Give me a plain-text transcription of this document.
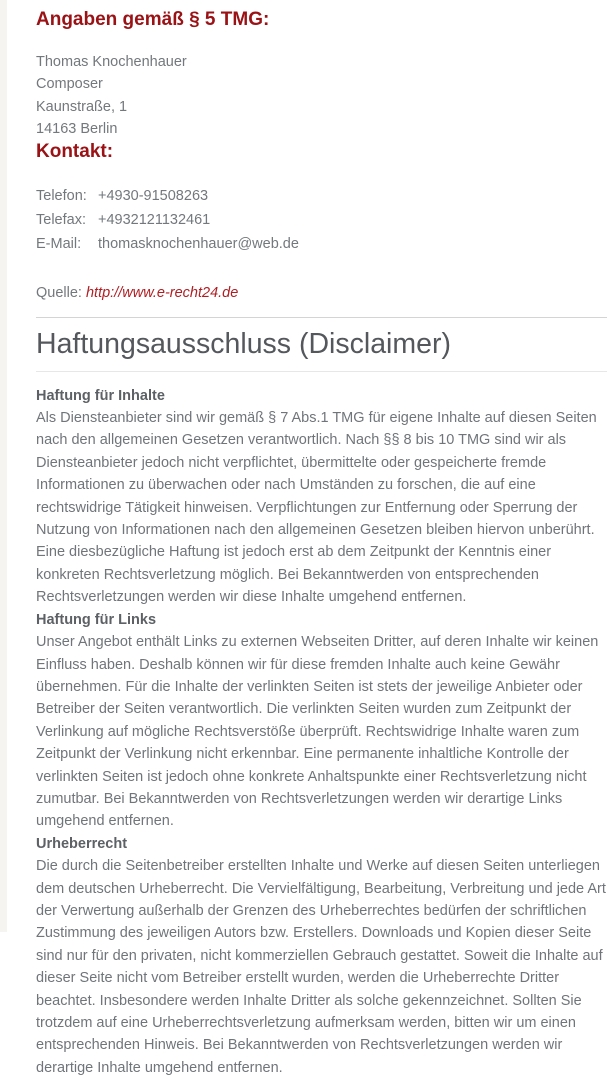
Angaben gemäß § 5 TMG:
Thomas Knochenhauer
Composer
Kaunstraße, 1
14163 Berlin
Kontakt:
Telefon: +4930-91508263
Telefax: +4932121132461
E-Mail:	thomasknochenhauer@web.de
Quelle: http://www.e-recht24.de
Haftungsausschluss (Disclaimer)
Haftung für Inhalte

Als Diensteanbieter sind wir gemäß § 7 Abs.1 TMG für eigene Inhalte auf diesen Seiten nach den allgemeinen Gesetzen verantwortlich. Nach §§ 8 bis 10 TMG sind wir als Diensteanbieter jedoch nicht verpflichtet, übermittelte oder gespeicherte fremde Informationen zu überwachen oder nach Umständen zu forschen, die auf eine rechtswidrige Tätigkeit hinweisen. Verpflichtungen zur Entfernung oder Sperrung der Nutzung von Informationen nach den allgemeinen Gesetzen bleiben hiervon unberührt. Eine diesbezügliche Haftung ist jedoch erst ab dem Zeitpunkt der Kenntnis einer konkreten Rechtsverletzung möglich. Bei Bekanntwerden von entsprechenden Rechtsverletzungen werden wir diese Inhalte umgehend entfernen.

Haftung für Links

Unser Angebot enthält Links zu externen Webseiten Dritter, auf deren Inhalte wir keinen Einfluss haben. Deshalb können wir für diese fremden Inhalte auch keine Gewähr übernehmen. Für die Inhalte der verlinkten Seiten ist stets der jeweilige Anbieter oder Betreiber der Seiten verantwortlich. Die verlinkten Seiten wurden zum Zeitpunkt der Verlinkung auf mögliche Rechtsverstöße überprüft. Rechtswidrige Inhalte waren zum Zeitpunkt der Verlinkung nicht erkennbar. Eine permanente inhaltliche Kontrolle der verlinkten Seiten ist jedoch ohne konkrete Anhaltspunkte einer Rechtsverletzung nicht zumutbar. Bei Bekanntwerden von Rechtsverletzungen werden wir derartige Links umgehend entfernen.

Urheberrecht

Die durch die Seitenbetreiber erstellten Inhalte und Werke auf diesen Seiten unterliegen dem deutschen Urheberrecht. Die Vervielfältigung, Bearbeitung, Verbreitung und jede Art der Verwertung außerhalb der Grenzen des Urheberrechtes bedürfen der schriftlichen Zustimmung des jeweiligen Autors bzw. Erstellers. Downloads und Kopien dieser Seite sind nur für den privaten, nicht kommerziellen Gebrauch gestattet. Soweit die Inhalte auf dieser Seite nicht vom Betreiber erstellt wurden, werden die Urheberrechte Dritter beachtet. Insbesondere werden Inhalte Dritter als solche gekennzeichnet. Sollten Sie trotzdem auf eine Urheberrechtsverletzung aufmerksam werden, bitten wir um einen entsprechenden Hinweis. Bei Bekanntwerden von Rechtsverletzungen werden wir derartige Inhalte umgehend entfernen.
